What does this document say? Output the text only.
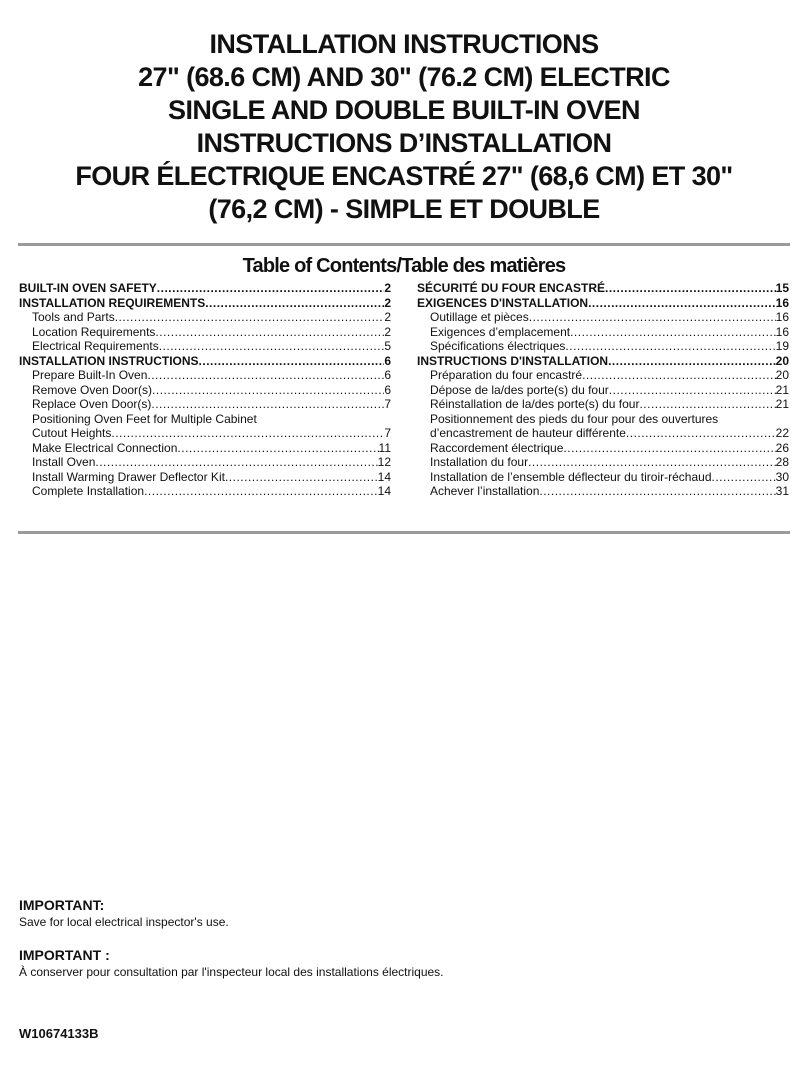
INSTALLATION INSTRUCTIONS
27" (68.6 CM) AND 30" (76.2 CM) ELECTRIC
SINGLE AND DOUBLE BUILT-IN OVEN
INSTRUCTIONS D’INSTALLATION
FOUR ÉLECTRIQUE ENCASTRÉ 27" (68,6 CM) ET 30"
(76,2 CM) - SIMPLE ET DOUBLE
Table of Contents/Table des matières
BUILT-IN OVEN SAFETY .....	2
INSTALLATION REQUIREMENTS .....	2
Tools and Parts .....	2
Location Requirements .....	2
Electrical Requirements .....	5
INSTALLATION INSTRUCTIONS .....	6
Prepare Built-In Oven .....	6
Remove Oven Door(s) .....	6
Replace Oven Door(s) .....	7
Positioning Oven Feet for Multiple Cabinet
Cutout Heights .....	7
Make Electrical Connection .....	11
Install Oven .....	12
Install Warming Drawer Deflector Kit .....	14
Complete Installation .....	14
SÉCURITÉ DU FOUR ENCASTRÉ .....	15
EXIGENCES D'INSTALLATION .....	16
Outillage et pièces .....	16
Exigences d’emplacement .....	16
Spécifications électriques .....	19
INSTRUCTIONS D'INSTALLATION .....	20
Préparation du four encastré .....	20
Dépose de la/des porte(s) du four .....	21
Réinstallation de la/des porte(s) du four .....	21
Positionnement des pieds du four pour des ouvertures
d’encastrement de hauteur différente .....	22
Raccordement électrique .....	26
Installation du four .....	28
Installation de l’ensemble déflecteur du tiroir-réchaud .....	30
Achever l’installation .....	31
IMPORTANT:
Save for local electrical inspector's use.
IMPORTANT :
À conserver pour consultation par l'inspecteur local des installations électriques.
W10674133B
